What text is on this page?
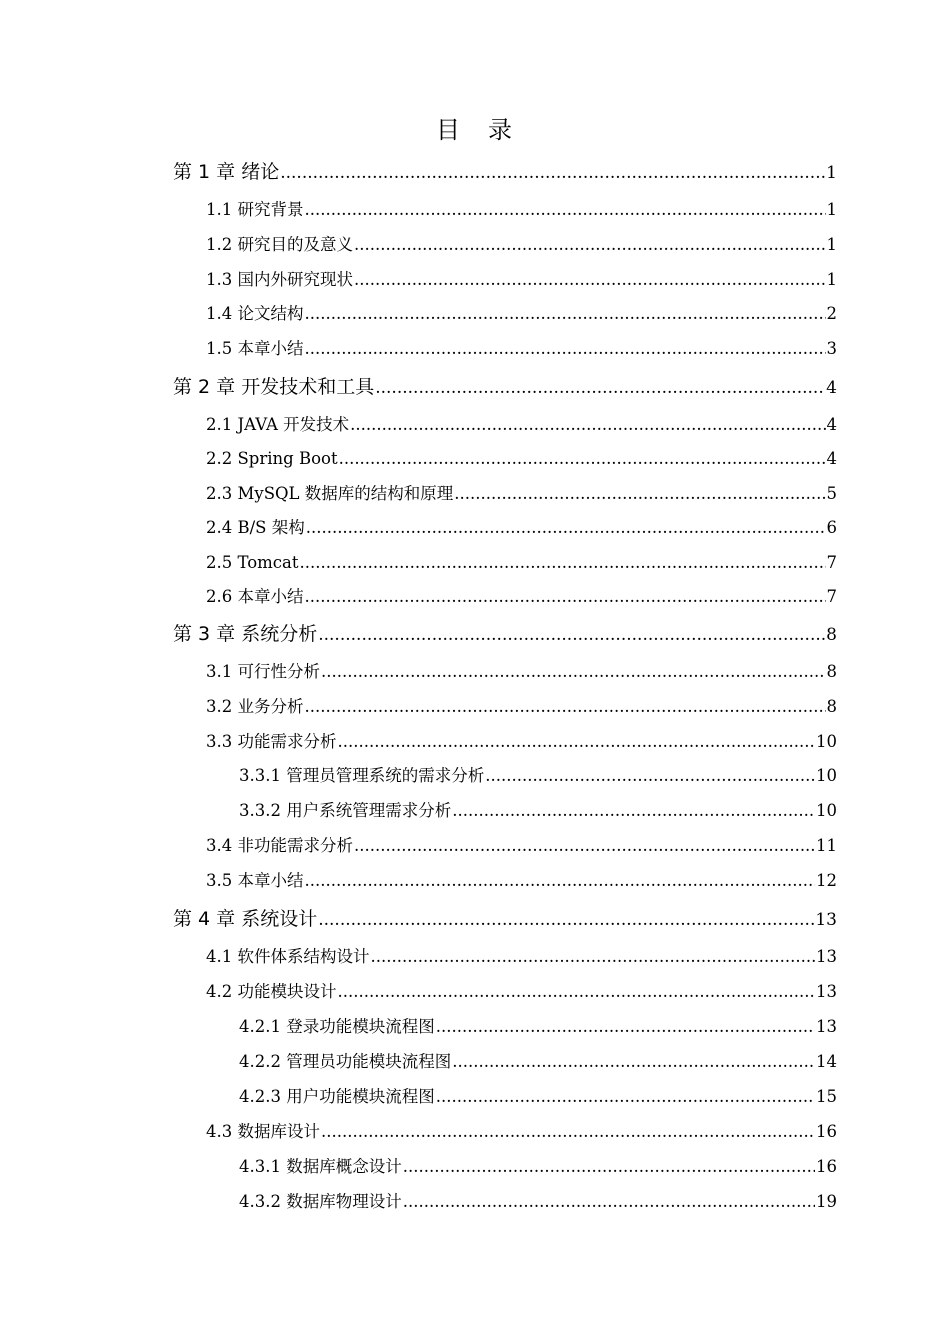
目　录
第 1 章 绪论 .....	1
1.1 研究背景 .....	1
1.2 研究目的及意义 .....	1
1.3 国内外研究现状 .....	1
1.4 论文结构 .....	2
1.5 本章小结 .....	3
第 2 章 开发技术和工具 .....	4
2.1 JAVA 开发技术 .....	4
2.2 Spring Boot .....	4
2.3 MySQL 数据库的结构和原理 .....	5
2.4 B/S 架构 .....	6
2.5 Tomcat .....	7
2.6 本章小结 .....	7
第 3 章 系统分析 .....	8
3.1 可行性分析 .....	8
3.2 业务分析 .....	8
3.3 功能需求分析 .....	10
3.3.1 管理员管理系统的需求分析 .....	10
3.3.2 用户系统管理需求分析 .....	10
3.4 非功能需求分析 .....	11
3.5 本章小结 .....	12
第 4 章 系统设计 .....	13
4.1 软件体系结构设计 .....	13
4.2 功能模块设计 .....	13
4.2.1 登录功能模块流程图 .....	13
4.2.2 管理员功能模块流程图 .....	14
4.2.3 用户功能模块流程图 .....	15
4.3 数据库设计 .....	16
4.3.1 数据库概念设计 .....	16
4.3.2 数据库物理设计 .....	19
